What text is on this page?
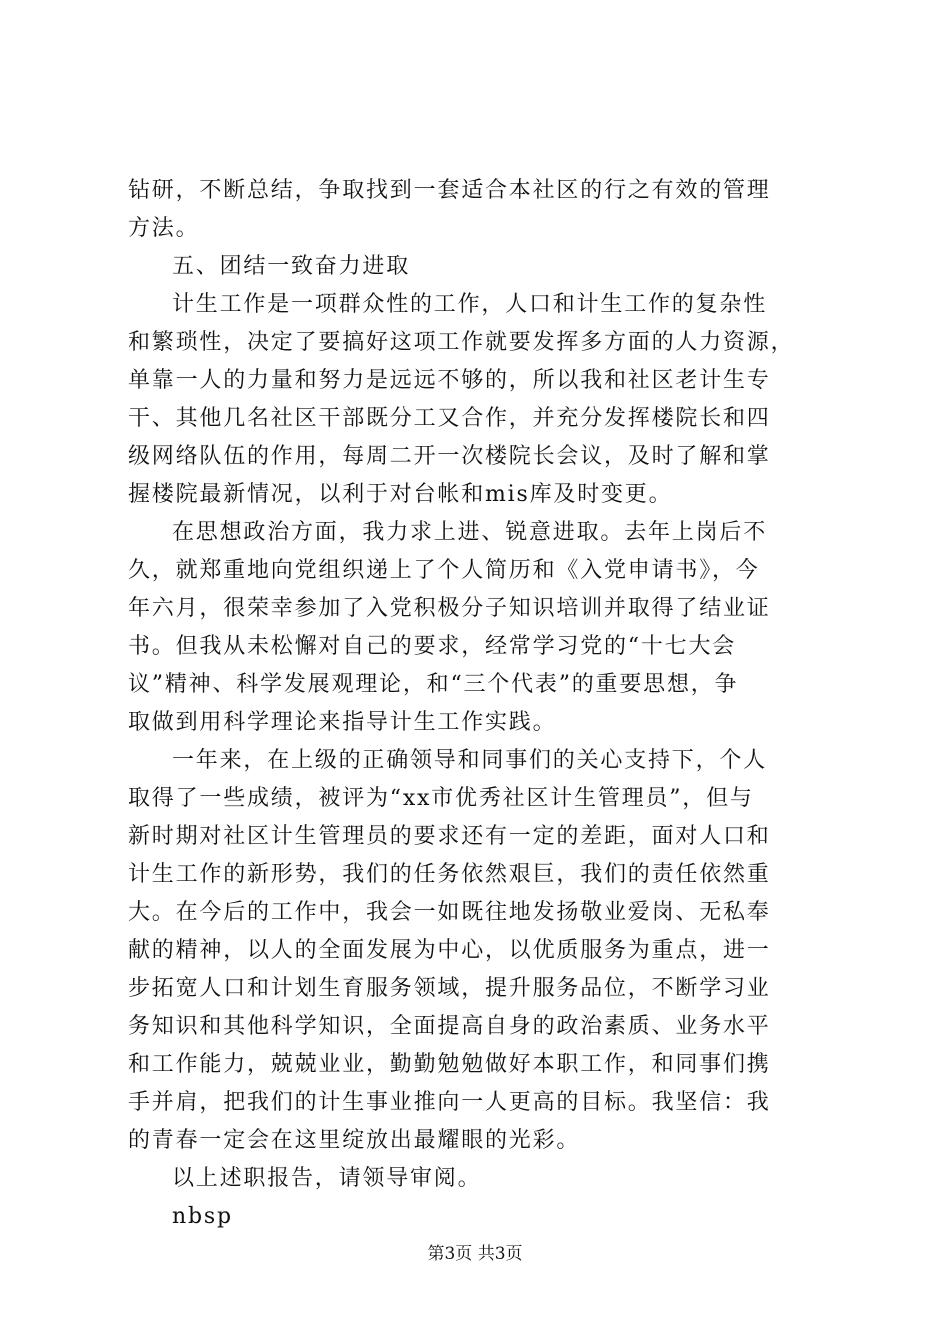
钻研，不断总结，争取找到一套适合本社区的行之有效的管理
方法。
五、团结一致奋力进取
计生工作是一项群众性的工作，人口和计生工作的复杂性
和繁琐性，决定了要搞好这项工作就要发挥多方面的人力资源，
单靠一人的力量和努力是远远不够的，所以我和社区老计生专
干、其他几名社区干部既分工又合作，并充分发挥楼院长和四
级网络队伍的作用，每周二开一次楼院长会议，及时了解和掌
握楼院最新情况，以利于对台帐和mis库及时变更。
在思想政治方面，我力求上进、锐意进取。去年上岗后不
久，就郑重地向党组织递上了个人简历和《入党申请书》，今
年六月，很荣幸参加了入党积极分子知识培训并取得了结业证
书。但我从未松懈对自己的要求，经常学习党的“十七大会
议”精神、科学发展观理论，和“三个代表”的重要思想，争
取做到用科学理论来指导计生工作实践。
一年来，在上级的正确领导和同事们的关心支持下，个人
取得了一些成绩，被评为“xx市优秀社区计生管理员”，但与
新时期对社区计生管理员的要求还有一定的差距，面对人口和
计生工作的新形势，我们的任务依然艰巨，我们的责任依然重
大。在今后的工作中，我会一如既往地发扬敬业爱岗、无私奉
献的精神，以人的全面发展为中心，以优质服务为重点，进一
步拓宽人口和计划生育服务领域，提升服务品位，不断学习业
务知识和其他科学知识，全面提高自身的政治素质、业务水平
和工作能力，兢兢业业，勤勤勉勉做好本职工作，和同事们携
手并肩，把我们的计生事业推向一人更高的目标。我坚信：我
的青春一定会在这里绽放出最耀眼的光彩。
以上述职报告，请领导审阅。
nbsp
第3页 共3页
